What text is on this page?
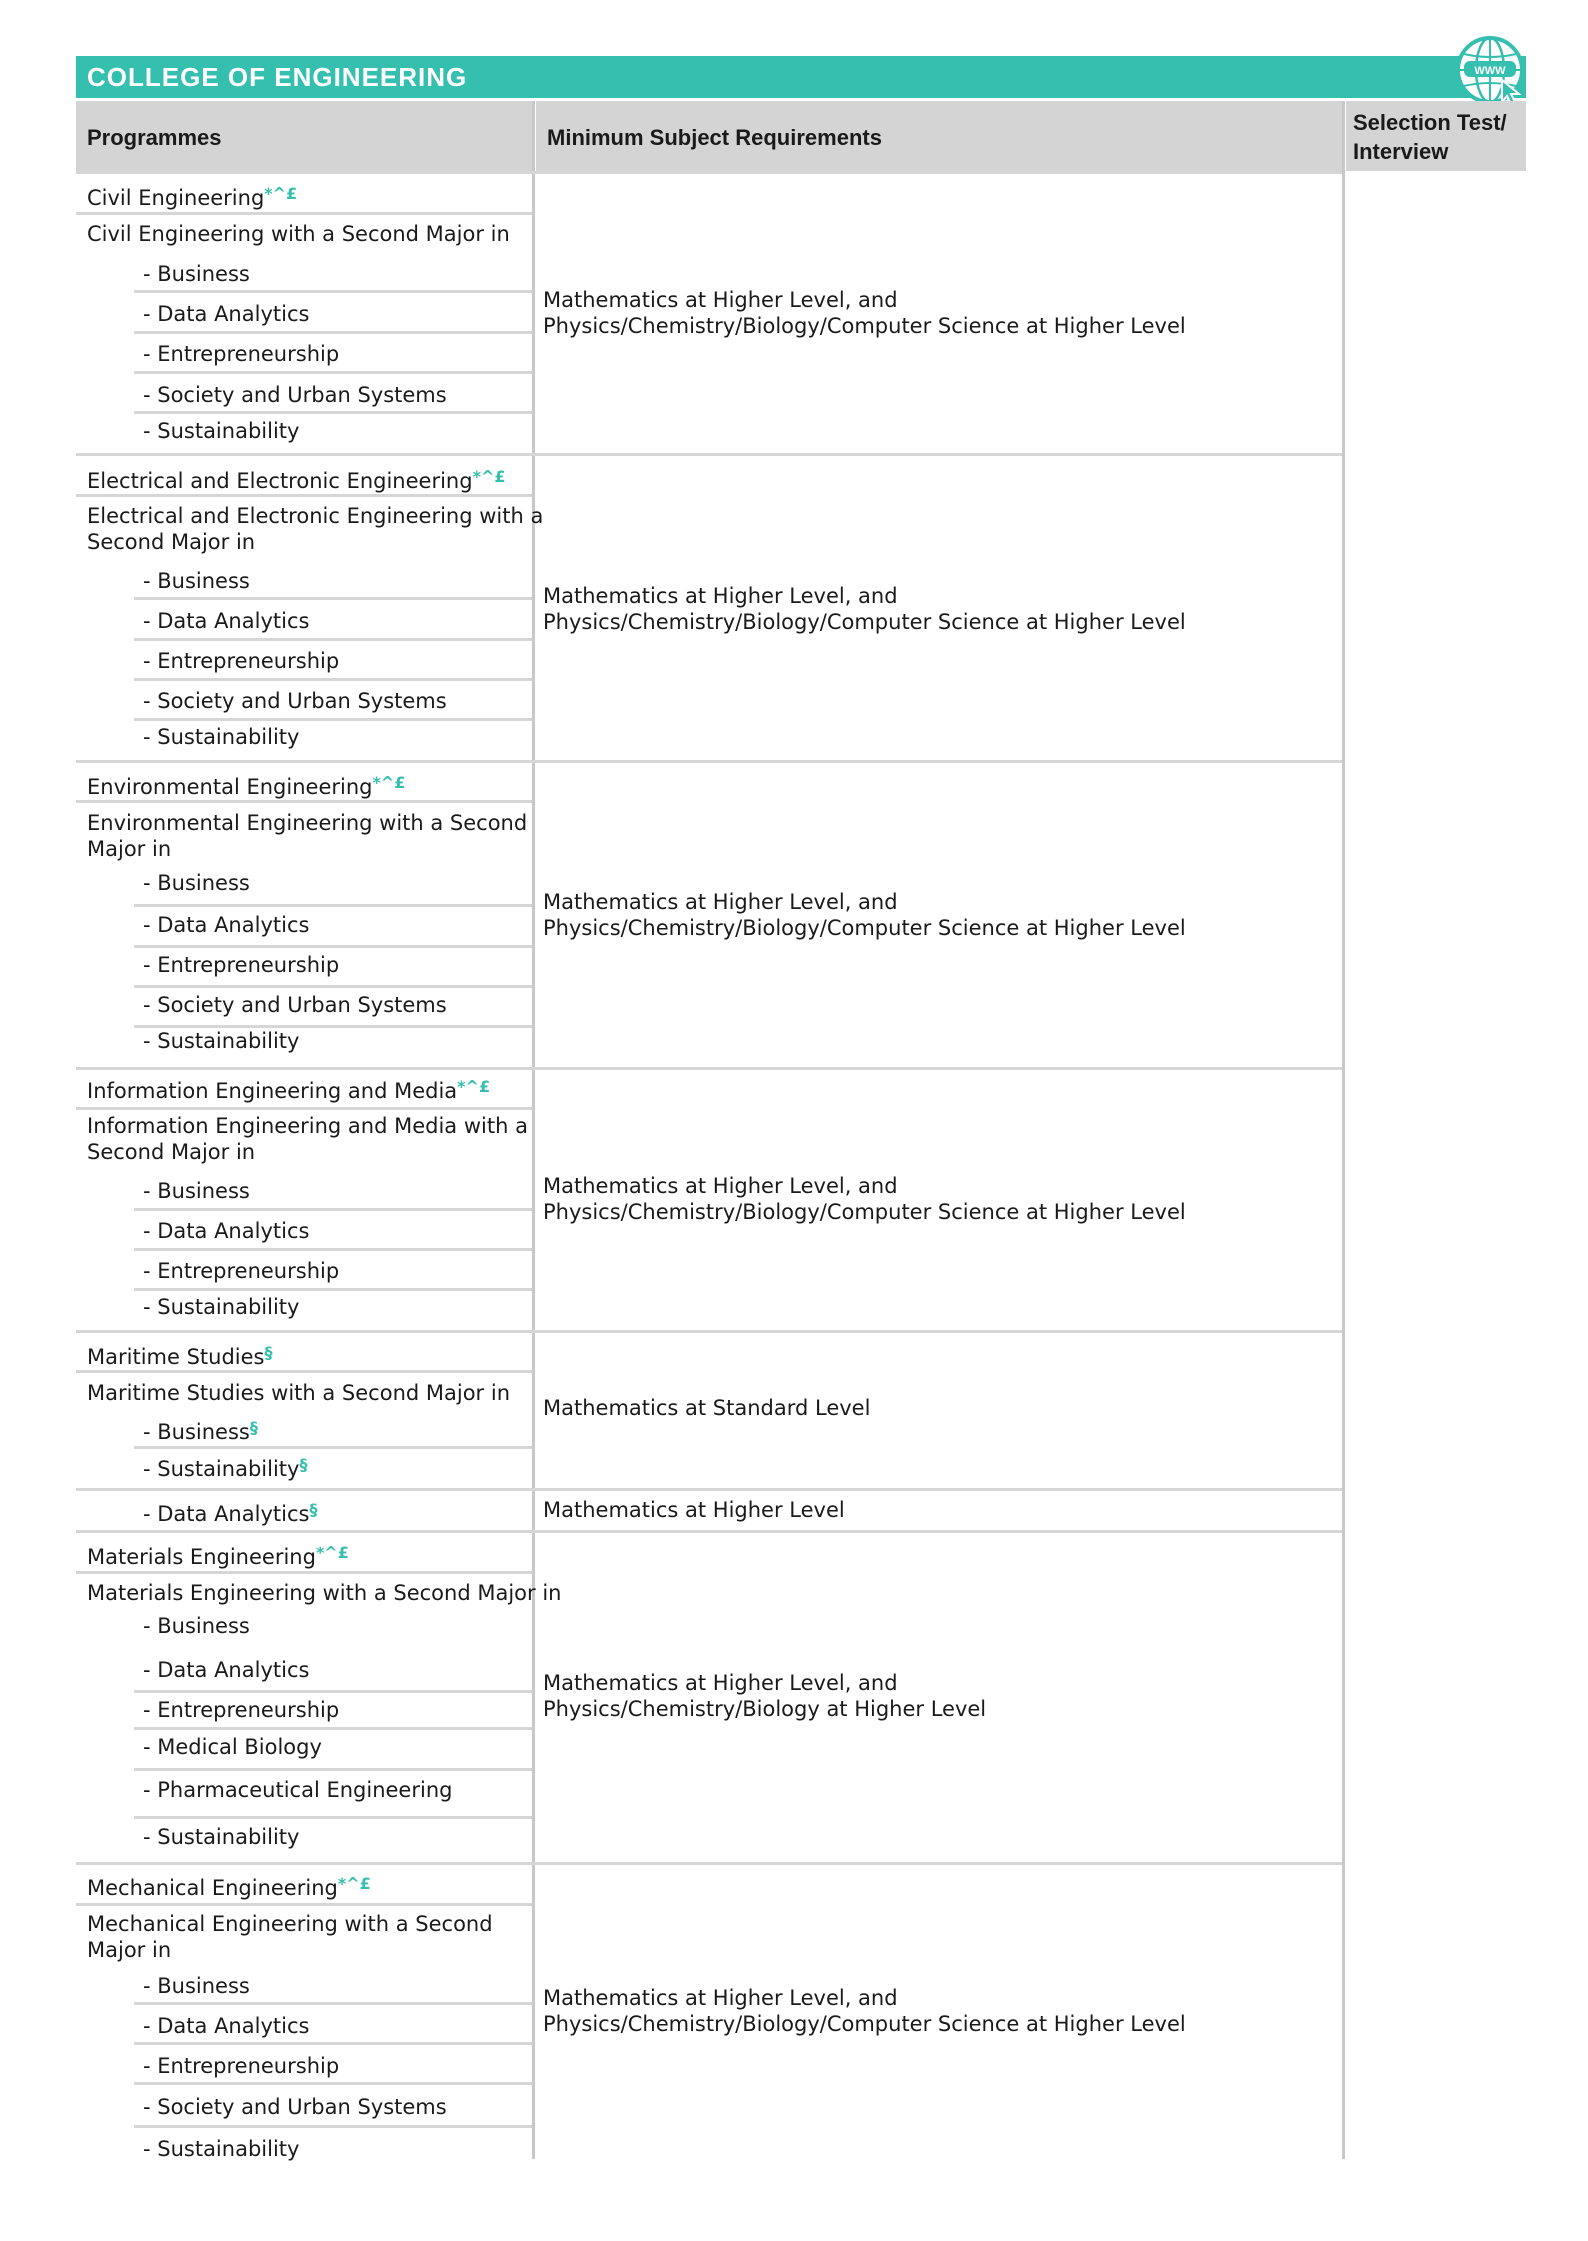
COLLEGE OF ENGINEERING	WWW
Programmes	Minimum Subject Requirements
Selection Test/
Interview
Civil Engineering*^£
Civil Engineering with a Second Major in
- Business
- Data Analytics
- Entrepreneurship
- Society and Urban Systems
- Sustainability
Electrical and Electronic Engineering*^£
Electrical and Electronic Engineering with a
Second Major in
- Business
- Data Analytics
- Entrepreneurship
- Society and Urban Systems
- Sustainability
Environmental Engineering*^£
Environmental Engineering with a Second
Major in
- Business
- Data Analytics
- Entrepreneurship
- Society and Urban Systems
- Sustainability
Information Engineering and Media*^£
Information Engineering and Media with a
Second Major in
- Business
- Data Analytics
- Entrepreneurship
- Sustainability
Maritime Studies§
Maritime Studies with a Second Major in
- Business§
- Sustainability§
- Data Analytics§
Materials Engineering*^£
Materials Engineering with a Second Major in
- Business
- Data Analytics
- Entrepreneurship
- Medical Biology
- Pharmaceutical Engineering
- Sustainability
Mechanical Engineering*^£
Mechanical Engineering with a Second
Major in
- Business
- Data Analytics
- Entrepreneurship
- Society and Urban Systems
- Sustainability
Mathematics at Higher Level, and
Physics/Chemistry/Biology/Computer Science at Higher Level
Mathematics at Higher Level, and
Physics/Chemistry/Biology/Computer Science at Higher Level
Mathematics at Higher Level, and
Physics/Chemistry/Biology/Computer Science at Higher Level
Mathematics at Higher Level, and
Physics/Chemistry/Biology/Computer Science at Higher Level
Mathematics at Standard Level
Mathematics at Higher Level
Mathematics at Higher Level, and
Physics/Chemistry/Biology at Higher Level
Mathematics at Higher Level, and
Physics/Chemistry/Biology/Computer Science at Higher Level
